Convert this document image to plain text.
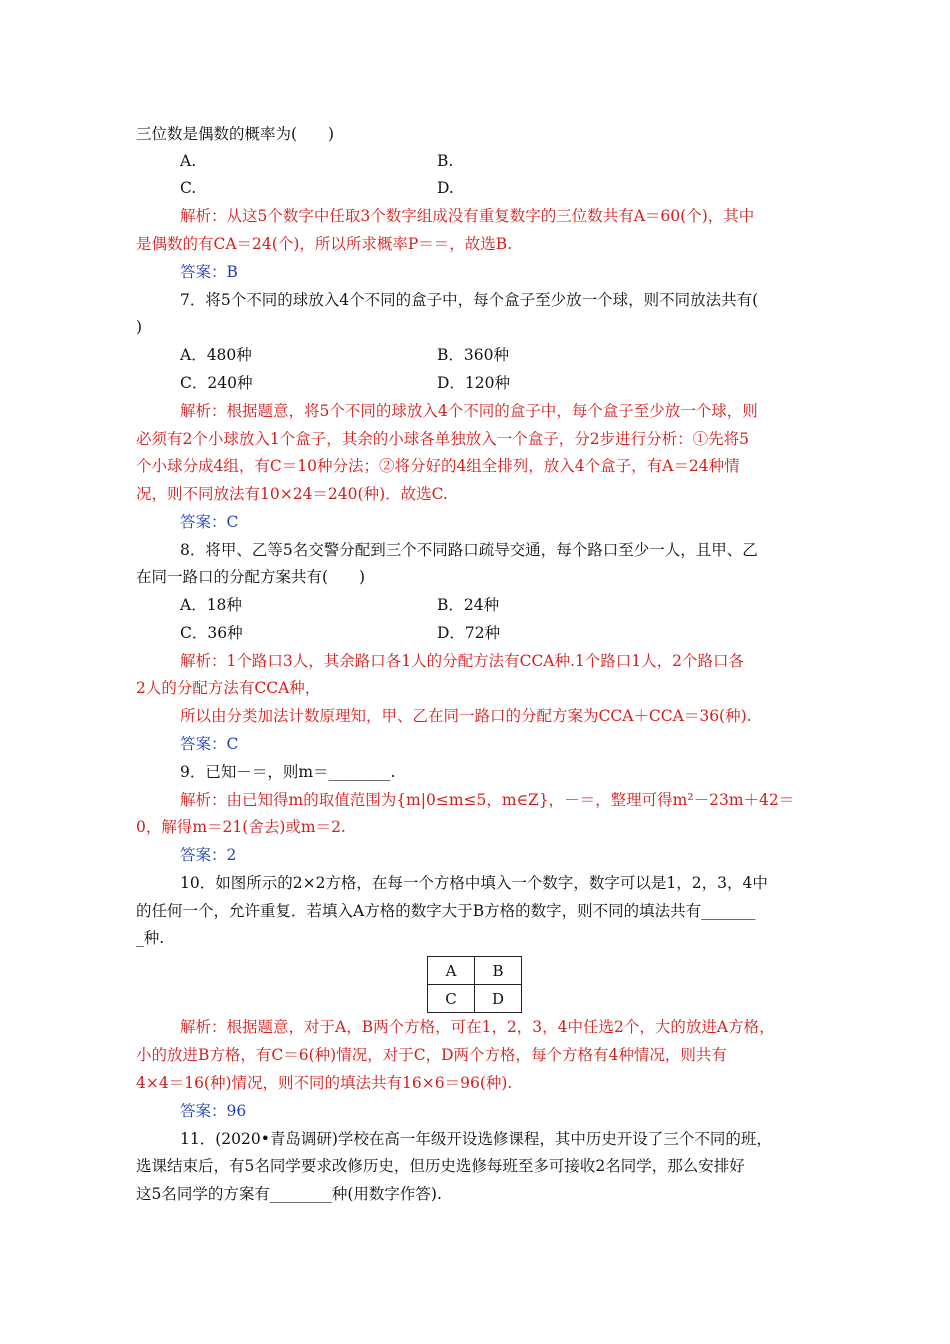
三位数是偶数的概率为(　　)
A.	B.
C.	D.
解析：从这5个数字中任取3个数字组成没有重复数字的三位数共有A＝60(个)，其中
是偶数的有CA＝24(个)，所以所求概率P＝＝，故选B.
答案：B
7．将5个不同的球放入4个不同的盒子中，每个盒子至少放一个球，则不同放法共有(
)
A．480种	B．360种
C．240种	D．120种
解析：根据题意，将5个不同的球放入4个不同的盒子中，每个盒子至少放一个球，则
必须有2个小球放入1个盒子，其余的小球各单独放入一个盒子，分2步进行分析：①先将5
个小球分成4组，有C＝10种分法；②将分好的4组全排列，放入4个盒子，有A＝24种情
况，则不同放法有10×24＝240(种)．故选C.
答案：C
8．将甲、乙等5名交警分配到三个不同路口疏导交通，每个路口至少一人，且甲、乙
在同一路口的分配方案共有(　　)
A．18种	B．24种
C．36种	D．72种
解析：1个路口3人，其余路口各1人的分配方法有CCA种.1个路口1人，2个路口各
2人的分配方法有CCA种，
所以由分类加法计数原理知，甲、乙在同一路口的分配方案为CCA＋CCA＝36(种).
答案：C
9．已知－＝，则m＝________.
解析：由已知得m的取值范围为{m|0≤m≤5，m∈Z}，－＝，整理可得m²－23m＋42＝
0，解得m＝21(舍去)或m＝2.
答案：2
10．如图所示的2×2方格，在每一个方格中填入一个数字，数字可以是1，2，3，4中
的任何一个，允许重复．若填入A方格的数字大于B方格的数字，则不同的填法共有_______
_种.
解析：根据题意，对于A，B两个方格，可在1，2，3，4中任选2个，大的放进A方格，
小的放进B方格，有C＝6(种)情况，对于C，D两个方格，每个方格有4种情况，则共有
4×4＝16(种)情况，则不同的填法共有16×6＝96(种).
答案：96
11．(2020•青岛调研)学校在高一年级开设选修课程，其中历史开设了三个不同的班，
选课结束后，有5名同学要求改修历史，但历史选修每班至多可接收2名同学，那么安排好
这5名同学的方案有________种(用数字作答).
A	B
C	D
